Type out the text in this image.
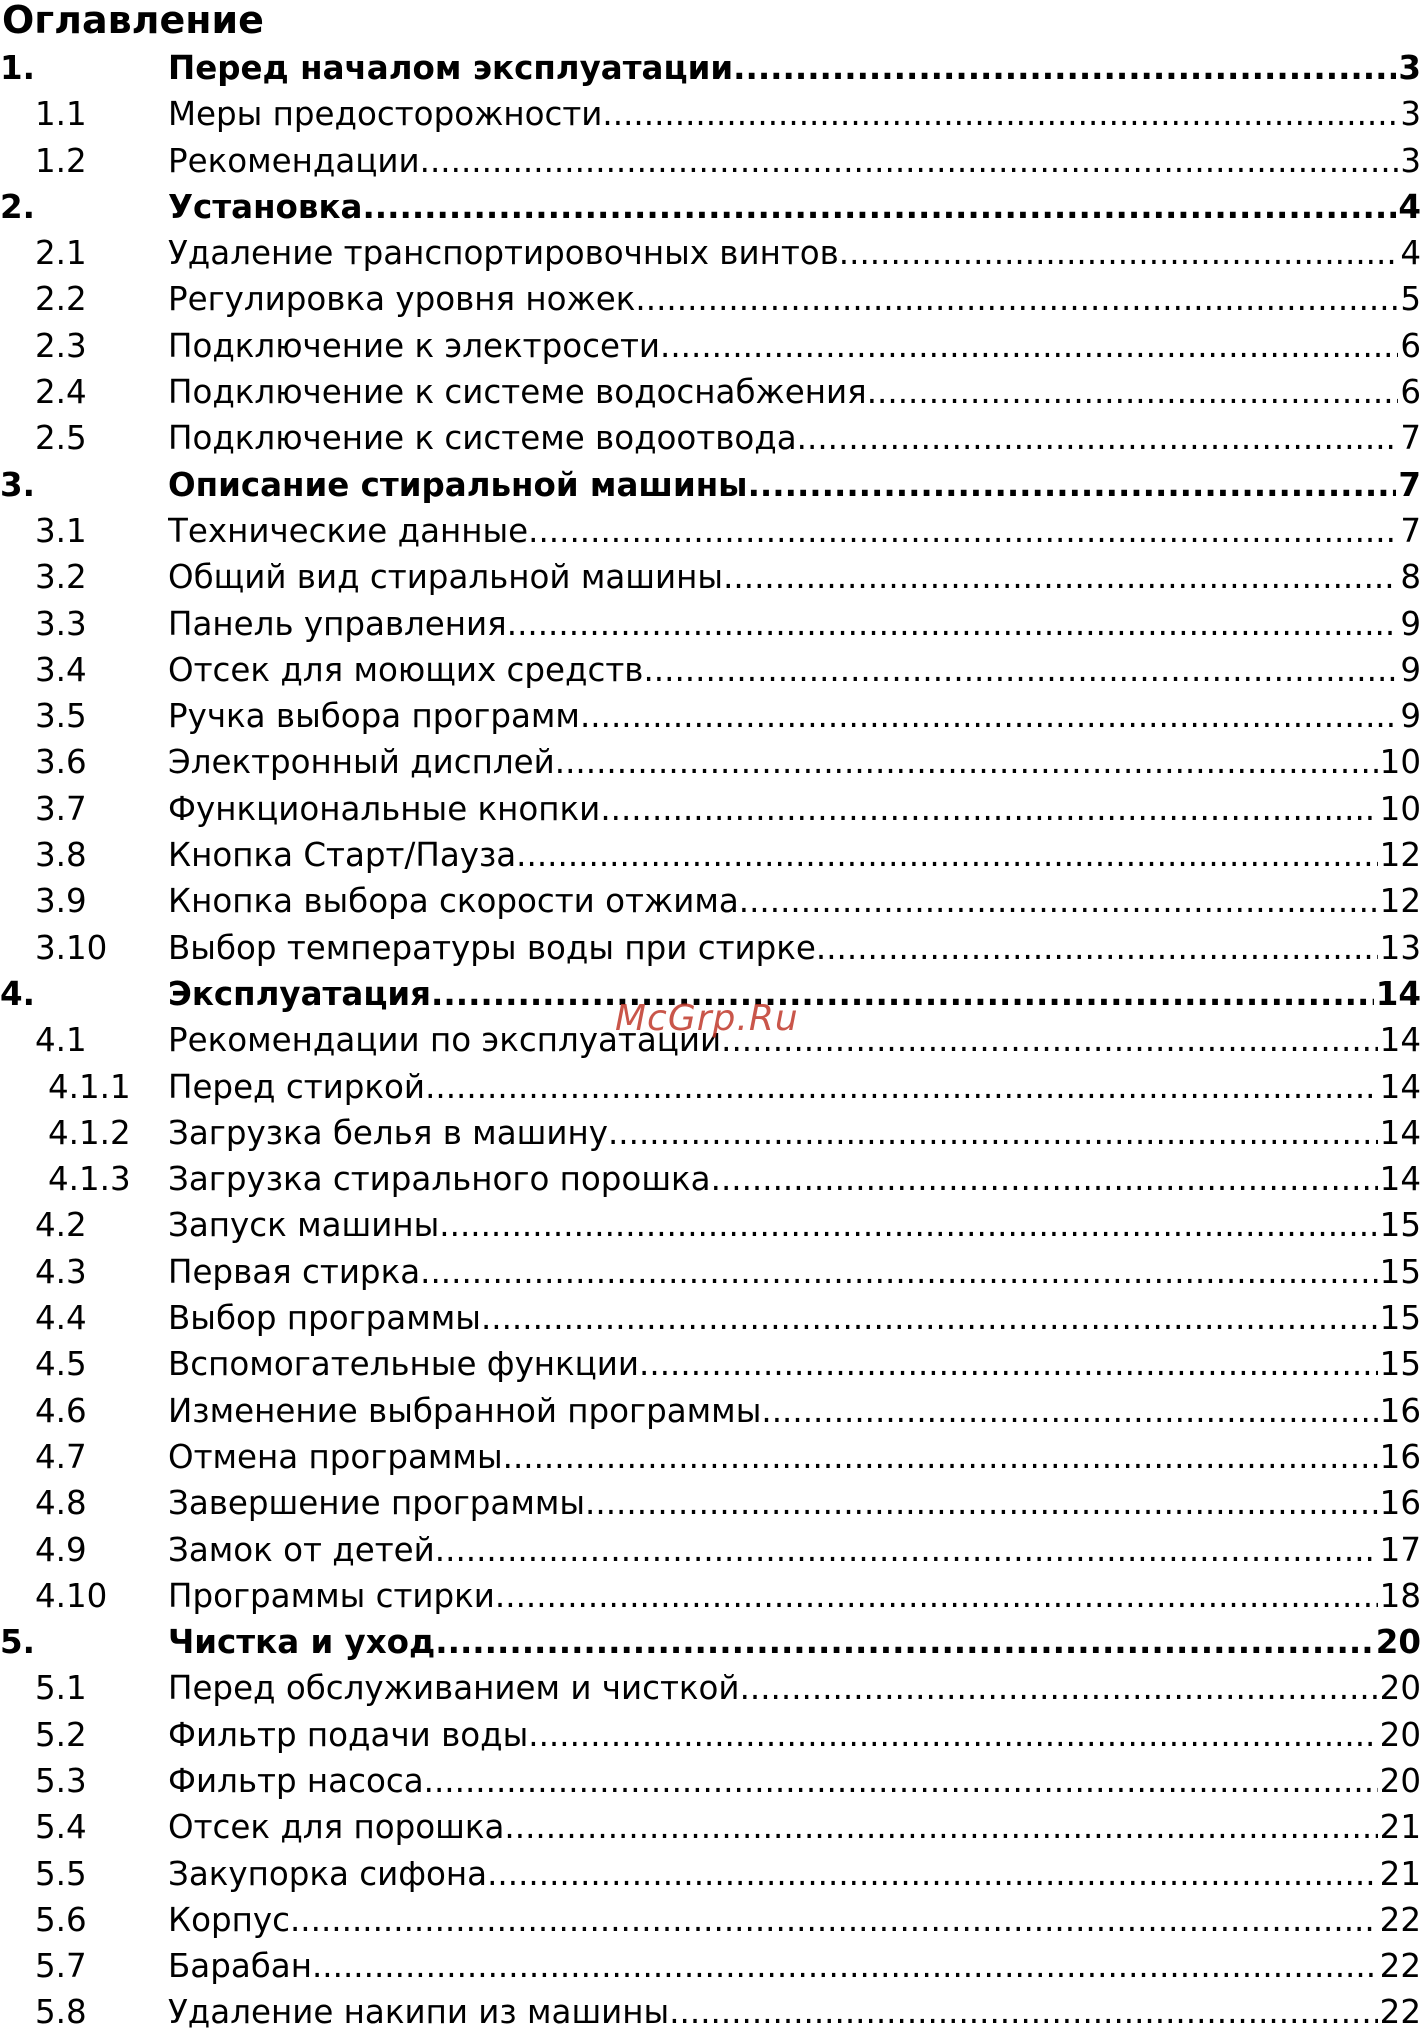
Оглавление
1.	Перед началом эксплуатации .....	3
1.1	Меры предосторожности .....	3
1.2	Рекомендации .....	3
2.	Установка .....	4
2.1	Удаление транспортировочных винтов .....	4
2.2	Регулировка уровня ножек .....	5
2.3	Подключение к электросети .....	6
2.4	Подключение к системе водоснабжения .....	6
2.5	Подключение к системе водоотвода .....	7
3.	Описание стиральной машины .....	7
3.1	Технические данные .....	7
3.2	Общий вид стиральной машины .....	8
3.3	Панель управления .....	9
3.4	Отсек для моющих средств .....	9
3.5	Ручка выбора программ .....	9
3.6	Электронный дисплей .....	10
3.7	Функциональные кнопки .....	10
3.8	Кнопка Старт/Пауза .....	12
3.9	Кнопка выбора скорости отжима .....	12
3.10 Выбор температуры воды при стирке .....	13
4.	Эксплуатация .....	14
4.1	Рекомендации по эксплуатации .....	14
4.1.1 Перед стиркой .....	14
4.1.2 Загрузка белья в машину .....	14
4.1.3 Загрузка стирального порошка .....	14
4.2	Запуск машины .....	15
4.3	Первая стирка .....	15
4.4	Выбор программы .....	15
4.5	Вспомогательные функции .....	15
4.6	Изменение выбранной программы .....	16
4.7	Отмена программы .....	16
4.8	Завершение программы .....	16
4.9	Замок от детей .....	17
4.10 Программы стирки .....	18
5.	Чистка и уход .....	20
5.1	Перед обслуживанием и чисткой .....	20
5.2	Фильтр подачи воды .....	20
5.3	Фильтр насоса .....	20
5.4	Отсек для порошка .....	21
5.5	Закупорка сифона .....	21
5.6	Корпус .....	22
5.7	Барабан .....	22
5.8	Удаление накипи из машины .....	22
McGrp.Ru
